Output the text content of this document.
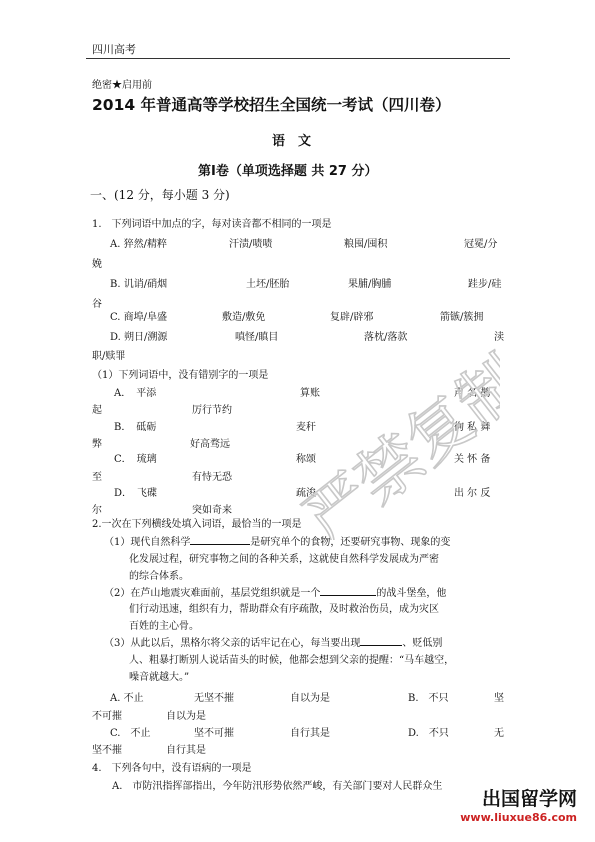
四川高考
绝密★启用前
2014 年普通高等学校招生全国统一考试（四川卷）
语　文
第Ⅰ卷（单项选择题 共 27 分）
一、(12 分，每小题 3 分)
1.　下列词语中加点的字，每对读音都不相同的一项是
A. 猝然/精粹	汗渍/啧啧	粮囤/囤积	冠冕/分
娩
B. 讥诮/硝烟	土坯/胚胎	果脯/胸脯	跬步/硅
谷
C. 商埠/阜盛	敷造/敷免	复辟/辟邪	箭镞/簇拥
D. 朔日/溯源	嗔怪/瞋目	落枕/落款	渎
职/赎罪
（1）下列词语中，没有错别字的一项是
A．　平添	算账	声 名 鹊
起	厉行节约
B．　砥砺	麦秆	徇 私 舞
弊	好高骛远
C．　琉璃	称颂	关 怀 备
至	有恃无恐
D．　飞碟	疏浚	出 尔 反
尔	突如奇来
2.一次在下列横线处填入词语，最恰当的一项是
（1）现代自然科学	是研究单个的食物，还要研究事物、现象的变
化发展过程，研究事物之间的各种关系，这就使自然科学发展成为严密
的综合体系。
（2）在芦山地震灾难面前，基层党组织就是一个	的战斗堡垒，他
们行动迅速，组织有力，帮助群众有序疏散，及时救治伤员，成为灾区
百姓的主心骨。
（3）从此以后，黑格尔将父亲的话牢记在心，每当要出现	、贬低别
人、粗暴打断别人说话苗头的时候，他都会想到父亲的提醒：“马车越空，
噪音就越大。”
A. 不止	无坚不摧	自以为是	B.　不只	坚
不可摧	自以为是
C.　不止	坚不可摧	自行其是	D.　不只	无
坚不摧	自行其是
4.　下列各句中，没有语病的一项是
A.　市防汛指挥部指出，今年防汛形势依然严峻，有关部门要对人民群众生
严禁复制
出国留学网
www.liuxue86.com
